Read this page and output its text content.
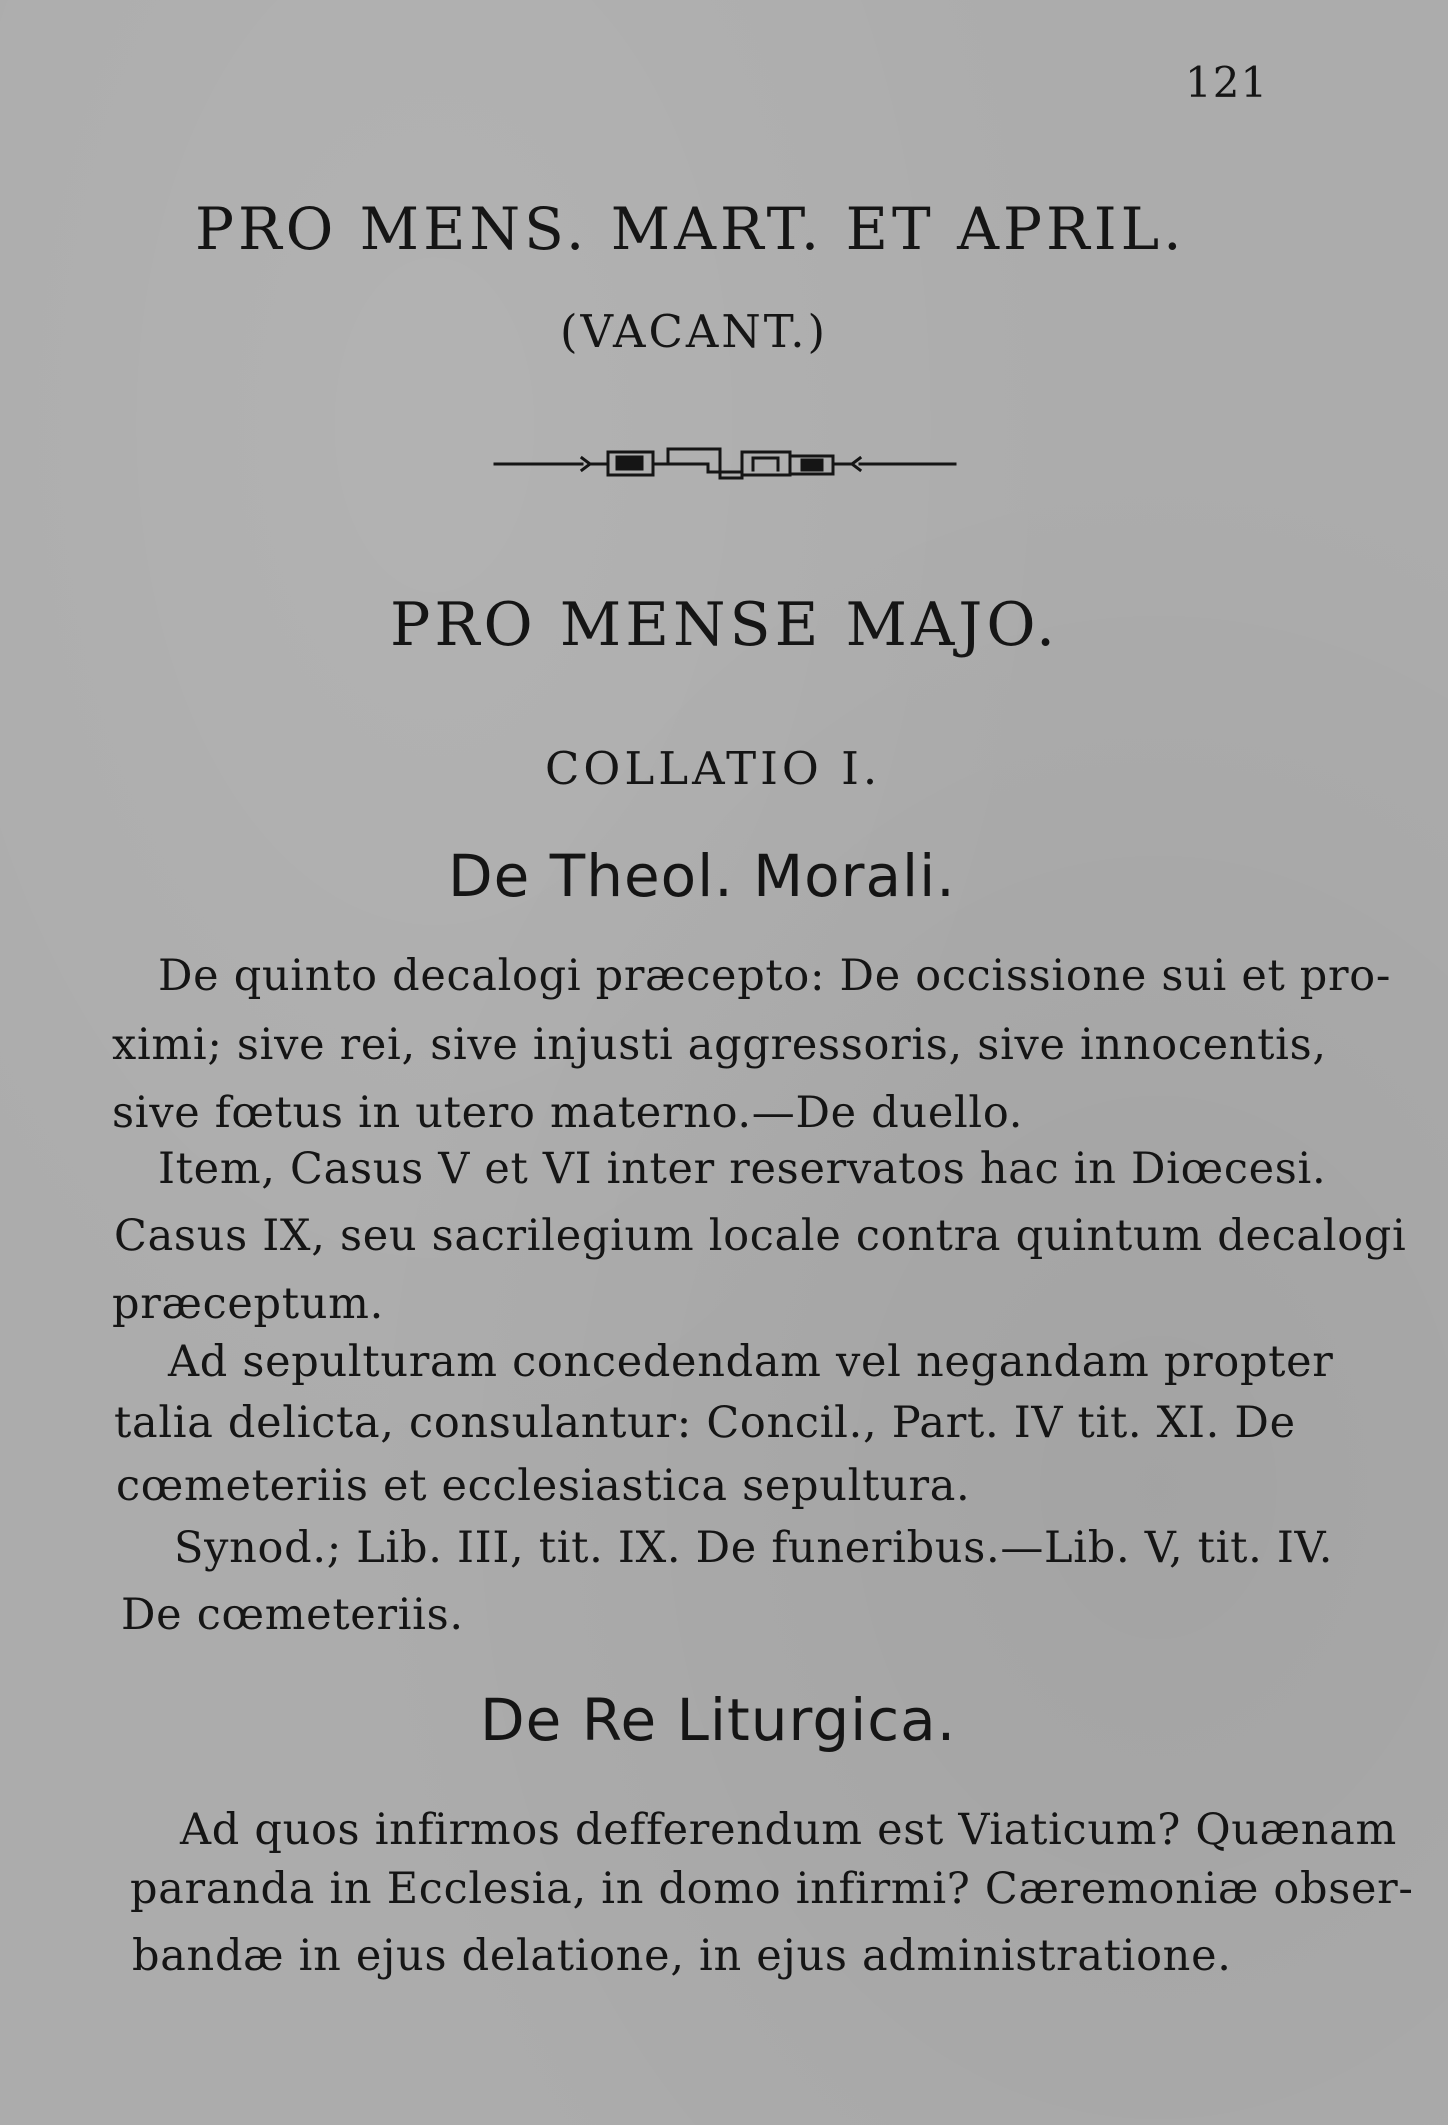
121
PRO MENS. MART. ET APRIL.
(VACANT.)
PRO MENSE MAJO.
COLLATIO I.
De Theol. Morali.
De quinto decalogi præcepto: De occissione sui et pro-
ximi; sive rei, sive injusti aggressoris, sive innocentis,
sive fœtus in utero materno.—De duello.
Item, Casus V et VI inter reservatos hac in Diœcesi.
Casus IX, seu sacrilegium locale contra quintum decalogi
præceptum.
Ad sepulturam concedendam vel negandam propter
talia delicta, consulantur: Concil., Part. IV tit. XI. De
cœmeteriis et ecclesiastica sepultura.
Synod.; Lib. III, tit. IX. De funeribus.—Lib. V, tit. IV.
De cœmeteriis.
De Re Liturgica.
Ad quos infirmos defferendum est Viaticum? Quænam
paranda in Ecclesia, in domo infirmi? Cæremoniæ obser-
bandæ in ejus delatione, in ejus administratione.
